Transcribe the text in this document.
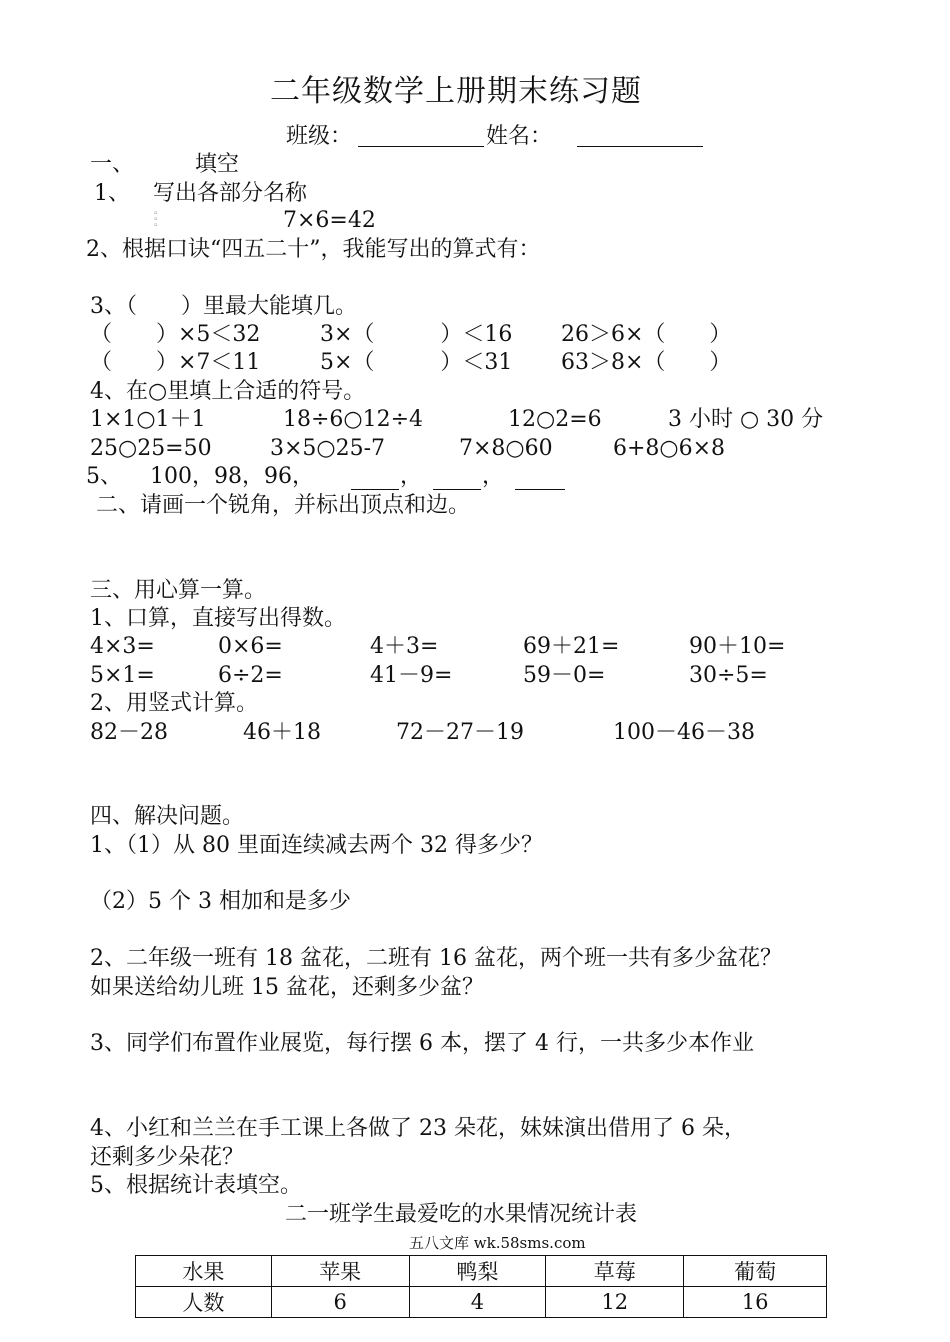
二年级数学上册期末练习题
班级：	姓名：
一、	填空
1、 写出各部分名称
▫
▫
▫	7×6=42
2、根据口诀“四五二十”，我能写出的算式有：
3、（　　）里最大能填几。
（　　）×5＜32	3×（　　　）＜16 26＞6×（　　）
（　　）×7＜11	5×（　　　）＜31 63＞8×（　　）
4、在○里填上合适的符号。
1×1○1＋1	18÷6○12÷4	12○2=6	3 小时 ○ 30 分
25○25=50	3×5○25-7	7×8○60	6+8○6×8
5、 100，98，96，	，	，
二、请画一个锐角，并标出顶点和边。
三、用心算一算。
1、口算，直接写出得数。
4×3=	0×6=	4＋3=	69＋21=	90＋10=
5×1=	6÷2=	41－9=	59－0=	30÷5=
2、用竖式计算。
82－28	46＋18	72－27－19	100－46－38
四、解决问题。
1、（1）从 80 里面连续减去两个 32 得多少？
（2）5 个 3 相加和是多少
2、二年级一班有 18 盆花，二班有 16 盆花，两个班一共有多少盆花？
如果送给幼儿班 15 盆花，还剩多少盆？
3、同学们布置作业展览，每行摆 6 本，摆了 4 行，一共多少本作业
4、小红和兰兰在手工课上各做了 23 朵花，妹妹演出借用了 6 朵，
还剩多少朵花？
5、根据统计表填空。
二一班学生最爱吃的水果情况统计表
五八文库 wk.58sms.com
水果	苹果	鸭梨	草莓	葡萄
人数	6	4	12	16
